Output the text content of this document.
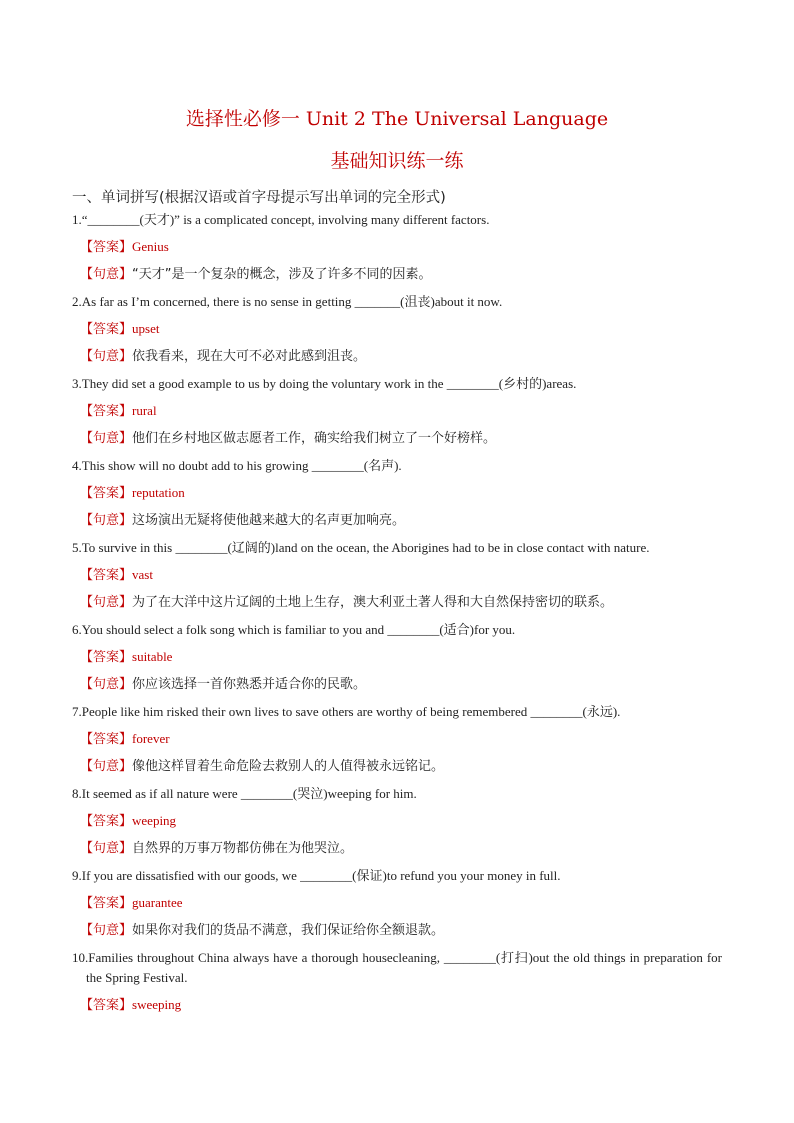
选择性必修一 Unit 2 The Universal Language
基础知识练一练
一、单词拼写(根据汉语或首字母提示写出单词的完全形式)

1.“________(天才)” is a complicated concept, involving many different factors.

【答案】Genius
【句意】“天才”是一个复杂的概念，涉及了许多不同的因素。

2.As far as I’m concerned, there is no sense in getting _______(沮丧)about it now.

【答案】upset
【句意】依我看来，现在大可不必对此感到沮丧。

3.They did set a good example to us by doing the voluntary work in the ________(乡村的)areas.

【答案】rural
【句意】他们在乡村地区做志愿者工作，确实给我们树立了一个好榜样。

4.This show will no doubt add to his growing ________(名声).

【答案】reputation
【句意】这场演出无疑将使他越来越大的名声更加响亮。

5.To survive in this ________(辽阔的)land on the ocean, the Aborigines had to be in close contact with nature.

【答案】vast
【句意】为了在大洋中这片辽阔的土地上生存，澳大利亚土著人得和大自然保持密切的联系。

6.You should select a folk song which is familiar to you and ________(适合)for you.

【答案】suitable
【句意】你应该选择一首你熟悉并适合你的民歌。

7.People like him risked their own lives to save others are worthy of being remembered ________(永远).

【答案】forever
【句意】像他这样冒着生命危险去救别人的人值得被永远铭记。

8.It seemed as if all nature were ________(哭泣)weeping for him.

【答案】weeping
【句意】自然界的万事万物都仿佛在为他哭泣。

9.If you are dissatisfied with our goods, we ________(保证)to refund you your money in full.

【答案】guarantee
【句意】如果你对我们的货品不满意，我们保证给你全额退款。

10.Families throughout China always have a thorough housecleaning, ________(打扫)out the old things in preparation for the Spring Festival.

【答案】sweeping
